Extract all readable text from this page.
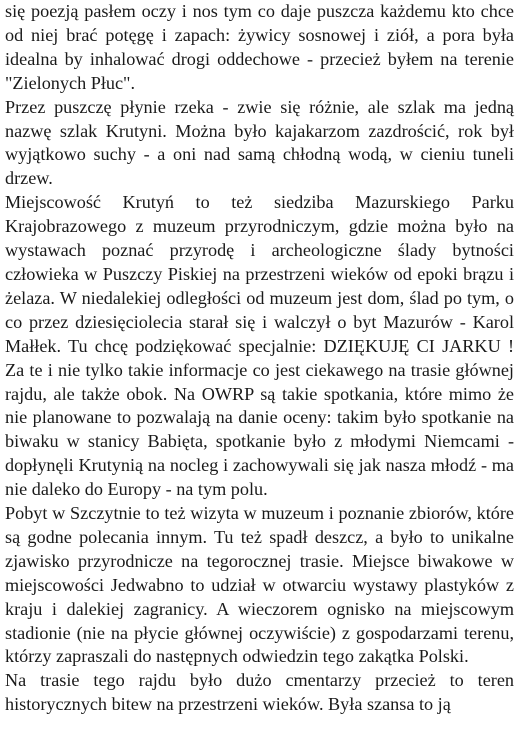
się poezją pasłem oczy i nos tym co daje puszcza każdemu kto chce od niej brać potęgę i zapach: żywicy sosnowej i ziół, a pora była idealna by inhalować drogi oddechowe - przecież byłem na terenie "Zielonych Płuc".

Przez puszczę płynie rzeka - zwie się różnie, ale szlak ma jedną nazwę szlak Krutyni. Można było kajakarzom zazdrościć, rok był wyjątkowo suchy - a oni nad samą chłodną wodą, w cieniu tuneli drzew.

Miejscowość Krutyń to też siedziba Mazurskiego Parku Krajobrazowego z muzeum przyrodniczym, gdzie można było na wystawach poznać przyrodę i archeologiczne ślady bytności człowieka w Puszczy Piskiej na przestrzeni wieków od epoki brązu i żelaza. W niedalekiej odległości od muzeum jest dom, ślad po tym, o co przez dziesięciolecia starał się i walczył o byt Mazurów - Karol Małłek. Tu chcę podziękować specjalnie: DZIĘKUJĘ CI JARKU ! Za te i nie tylko takie informacje co jest ciekawego na trasie głównej rajdu, ale także obok. Na OWRP są takie spotkania, które mimo że nie planowane to pozwalają na danie oceny: takim było spotkanie na biwaku w stanicy Babięta, spotkanie było z młodymi Niemcami - dopłynęli Krutynią na nocleg i zachowywali się jak nasza młodź - ma nie daleko do Europy - na tym polu.

Pobyt w Szczytnie to też wizyta w muzeum i poznanie zbiorów, które są godne polecania innym. Tu też spadł deszcz, a było to unikalne zjawisko przyrodnicze na tegorocznej trasie. Miejsce biwakowe w miejscowości Jedwabno to udział w otwarciu wystawy plastyków z kraju i dalekiej zagranicy. A wieczorem ognisko na miejscowym stadionie (nie na płycie głównej oczywiście) z gospodarzami terenu, którzy zapraszali do następnych odwiedzin tego zakątka Polski.

Na trasie tego rajdu było dużo cmentarzy przecież to teren historycznych bitew na przestrzeni wieków. Była szansa to ją
